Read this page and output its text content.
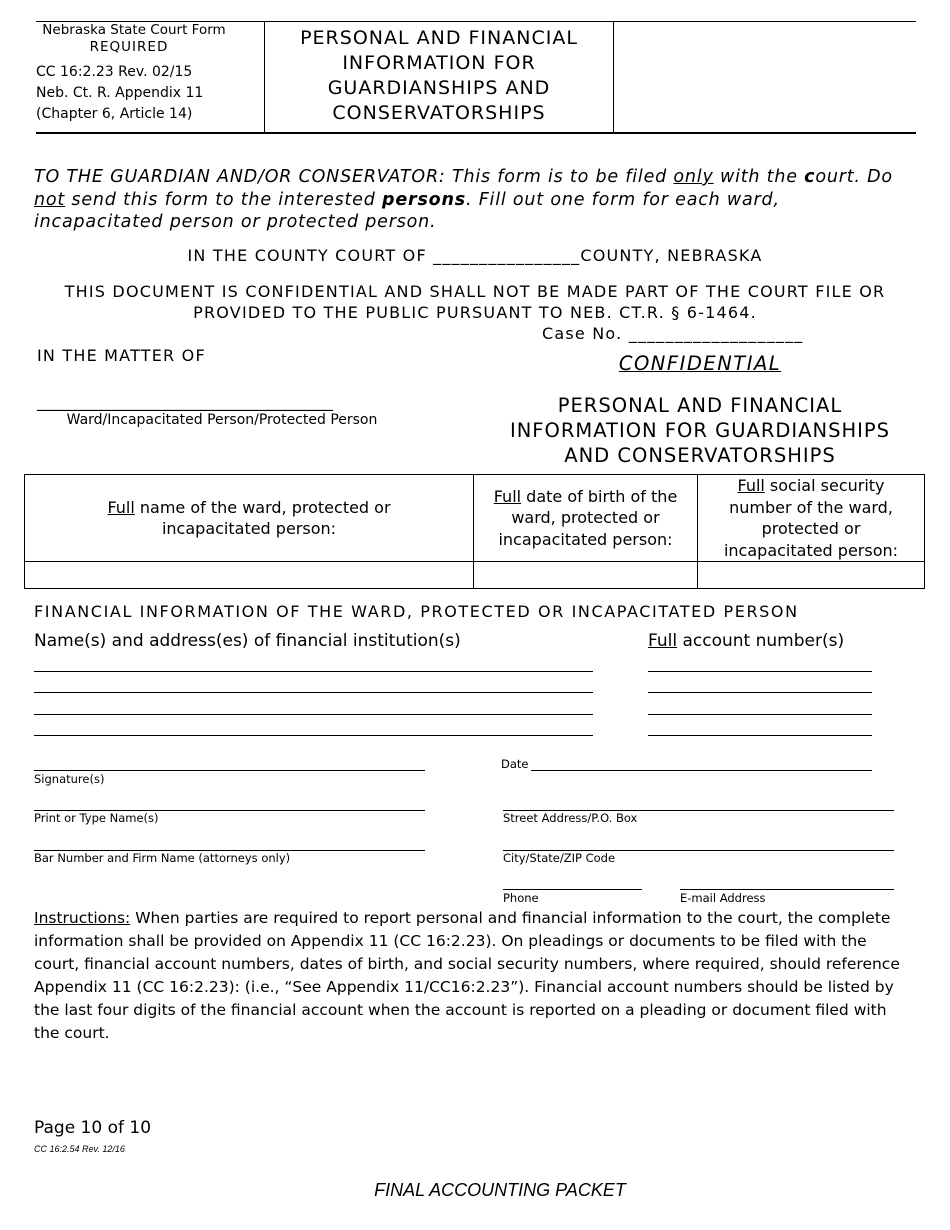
Nebraska State Court Form
REQUIRED
CC 16:2.23 Rev. 02/15
Neb. Ct. R. Appendix 11
(Chapter 6, Article 14)
PERSONAL AND FINANCIAL
INFORMATION FOR
GUARDIANSHIPS AND
CONSERVATORSHIPS
TO THE GUARDIAN AND/OR CONSERVATOR: This form is to be filed only with the court. Do not send this form to the interested persons. Fill out one form for each ward, incapacitated person or protected person.
IN THE COUNTY COURT OF ________________COUNTY, NEBRASKA
THIS DOCUMENT IS CONFIDENTIAL AND SHALL NOT BE MADE PART OF THE COURT FILE OR PROVIDED TO THE PUBLIC PURSUANT TO NEB. CT.R. § 6-1464.
Case No. ___________________
IN THE MATTER OF	CONFIDENTIAL
_____________________________________
Ward/Incapacitated Person/Protected Person
PERSONAL AND FINANCIAL
INFORMATION FOR GUARDIANSHIPS
AND CONSERVATORSHIPS
Full name of the ward, protected or incapacitated person:	Full date of birth of the ward, protected or incapacitated person:	Full social security number of the ward, protected or incapacitated person:

FINANCIAL INFORMATION OF THE WARD, PROTECTED OR INCAPACITATED PERSON
Name(s) and address(es) of financial institution(s)	Full account number(s)
Signature(s)
Date
Print or Type Name(s)	Street Address/P.O. Box
Bar Number and Firm Name (attorneys only)	City/State/ZIP Code
Phone	E-mail Address
Instructions: When parties are required to report personal and financial information to the court, the complete information shall be provided on Appendix 11 (CC 16:2.23). On pleadings or documents to be filed with the court, financial account numbers, dates of birth, and social security numbers, where required, should reference Appendix 11 (CC 16:2.23): (i.e., “See Appendix 11/CC16:2.23”). Financial account numbers should be listed by the last four digits of the financial account when the account is reported on a pleading or document filed with the court.
Page 10 of 10
CC 16:2.54 Rev. 12/16
FINAL ACCOUNTING PACKET
